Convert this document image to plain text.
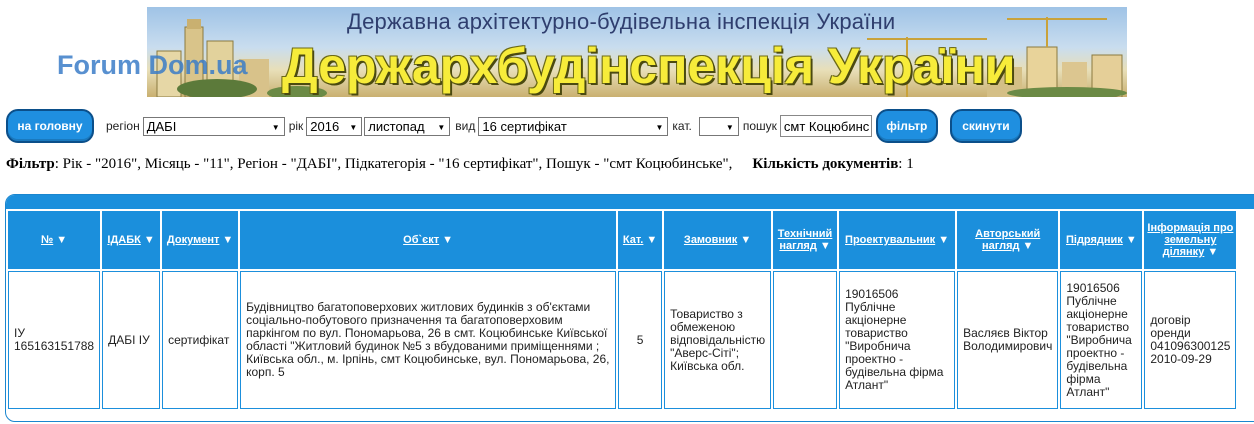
Державна архітектурно-будівельна інспекція України
Держархбудінспекція України
Forum Dom.ua
на головну	регіон ДАБІ	▼ рік 2016 ▼ листопад ▼ вид 16 сертифікат	▼ кат.	▼ пошук смт Коцюбинс	фільтр	скинути
Фільтр: Рік - "2016", Місяць - "11", Регіон - "ДАБІ", Підкатегорія - "16 сертифікат", Пошук - "смт Коцюбинське", Кількість документів: 1
№ ▼	ІДАБК ▼	Документ ▼	Об`єкт ▼	Кат. ▼	Замовник ▼	Технічний нагляд ▼	Проектувальник ▼	Авторський нагляд ▼	Підрядник ▼	Інформація про земельну ділянку ▼
ІУ 165163151788	ДАБІ ІУ	сертифікат	Будівництво багатоповерхових житлових будинків з об'єктами соціально-побутового призначення та багатоповерховим паркінгом по вул. Пономарьова, 26 в смт. Коцюбинське Київської області "Житловий будинок №5 з вбудованими приміщеннями ; Київська обл., м. Ірпінь, смт Коцюбинське, вул. Пономарьова, 26, корп. 5	5	Товариство з обмеженою відповідальністю "Аверс-Сіті"; Київська обл.		19016506 Публічне акціонерне товариство "Виробнича проектно - будівельна фірма Атлант"	Васляєв Віктор Володимирович	19016506 Публічне акціонерне товариство "Виробнича проектно - будівельна фірма Атлант"	договір оренди 041096300125 2010-09-29
